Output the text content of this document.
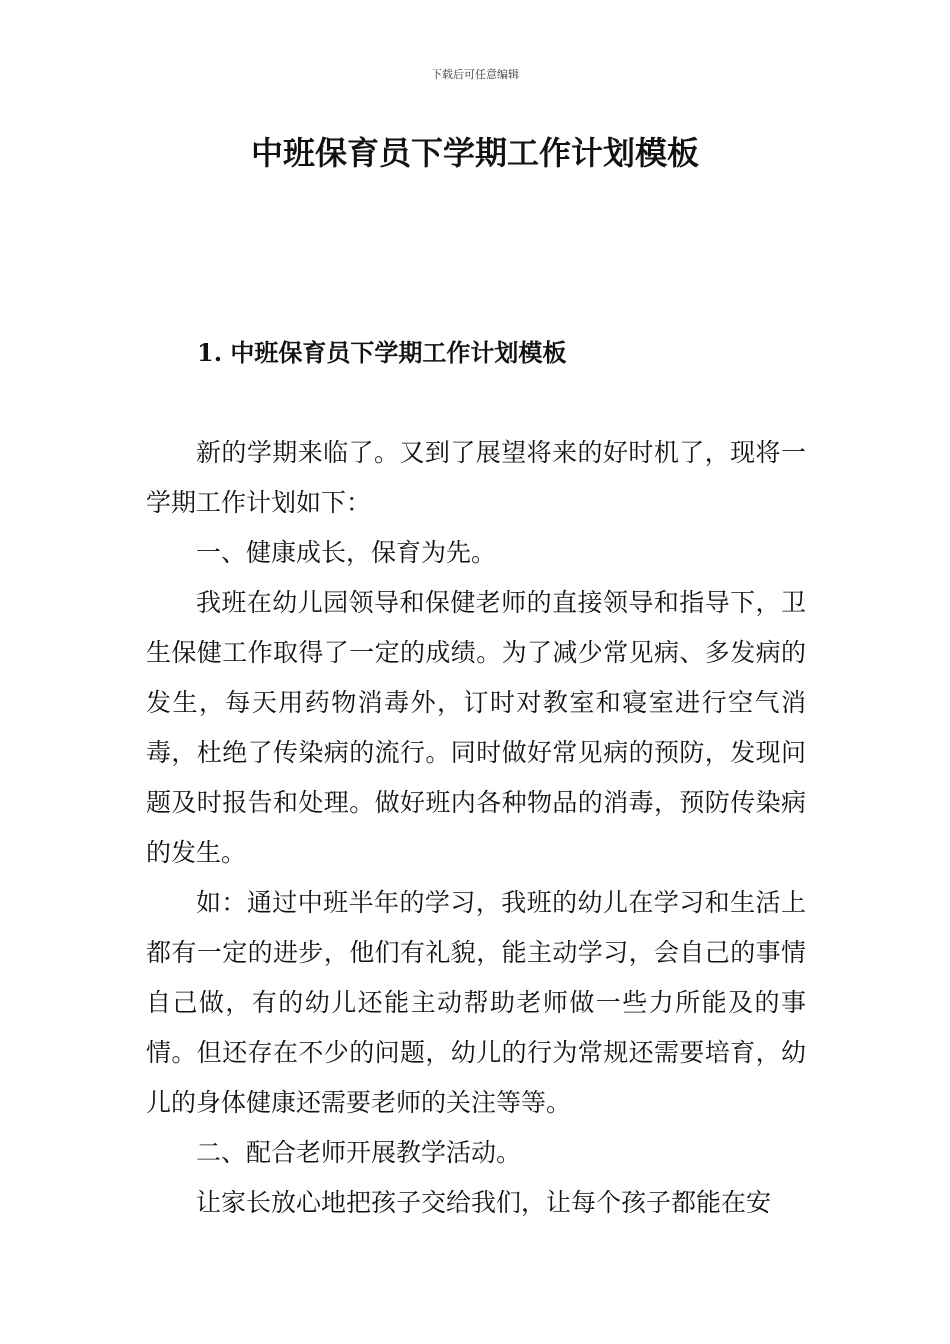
下载后可任意编辑
中班保育员下学期工作计划模板
1. 中班保育员下学期工作计划模板

新的学期来临了。又到了展望将来的好时机了，现将一学期工作计划如下：

一、健康成长，保育为先。

我班在幼儿园领导和保健老师的直接领导和指导下，卫生保健工作取得了一定的成绩。为了减少常见病、多发病的发生，每天用药物消毒外，订时对教室和寝室进行空气消毒，杜绝了传染病的流行。同时做好常见病的预防，发现问题及时报告和处理。做好班内各种物品的消毒，预防传染病的发生。

如：通过中班半年的学习，我班的幼儿在学习和生活上都有一定的进步，他们有礼貌，能主动学习，会自己的事情自己做，有的幼儿还能主动帮助老师做一些力所能及的事情。但还存在不少的问题，幼儿的行为常规还需要培育，幼儿的身体健康还需要老师的关注等等。

二、配合老师开展教学活动。

让家长放心地把孩子交给我们，让每个孩子都能在安
